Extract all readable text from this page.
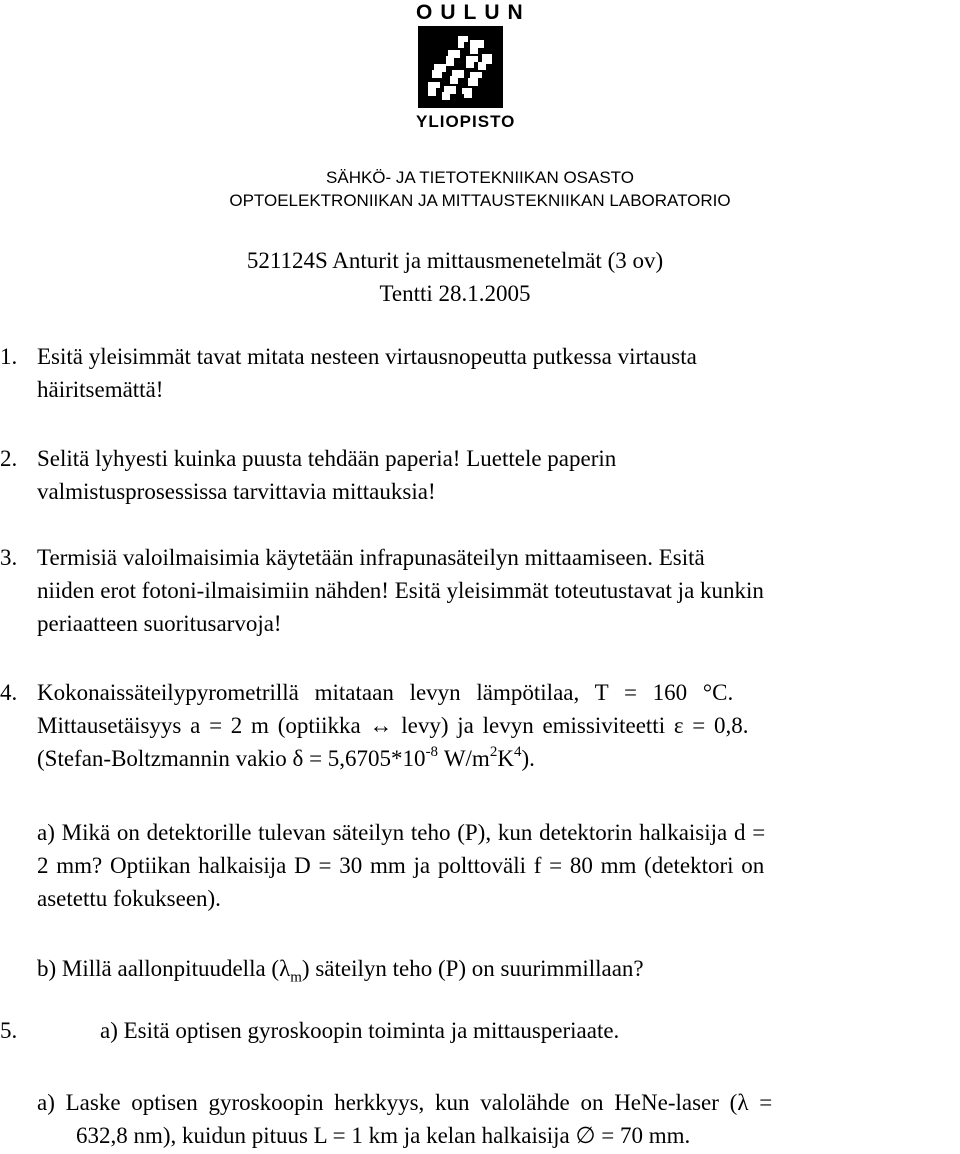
OULUN
YLIOPISTO
SÄHKÖ- JA TIETOTEKNIIKAN OSASTO
OPTOELEKTRONIIKAN JA MITTAUSTEKNIIKAN LABORATORIO
521124S Anturit ja mittausmenetelmät (3 ov)
Tentti 28.1.2005
1. Esitä yleisimmät tavat mitata nesteen virtausnopeutta putkessa virtausta
häiritsemättä!
2. Selitä lyhyesti kuinka puusta tehdään paperia! Luettele paperin
valmistusprosessissa tarvittavia mittauksia!
3. Termisiä valoilmaisimia käytetään infrapunasäteilyn mittaamiseen. Esitä
niiden erot fotoni-ilmaisimiin nähden! Esitä yleisimmät toteutustavat ja kunkin
periaatteen suoritusarvoja!
4. Kokonaissäteilypyrometrillä mitataan levyn lämpötilaa, T = 160 °C.
Mittausetäisyys a = 2 m (optiikka ↔ levy) ja levyn emissiviteetti ε = 0,8.
(Stefan-Boltzmannin vakio $\delta = 5,6705*10^{-8}$ $W/m^2K^4$).
a) Mikä on detektorille tulevan säteilyn teho (P), kun detektorin halkaisija d =
2 mm? Optiikan halkaisija D = 30 mm ja polttoväli f = 80 mm (detektori on
asetettu fokukseen).
b) Millä aallonpituudella $(\lambda_m)$ säteilyn teho (P) on suurimmillaan?
5.	a) Esitä optisen gyroskoopin toiminta ja mittausperiaate.
a) Laske optisen gyroskoopin herkkyys, kun valolähde on HeNe-laser (λ =
632,8 nm), kuidun pituus L = 1 km ja kelan halkaisija ∅ = 70 mm.
